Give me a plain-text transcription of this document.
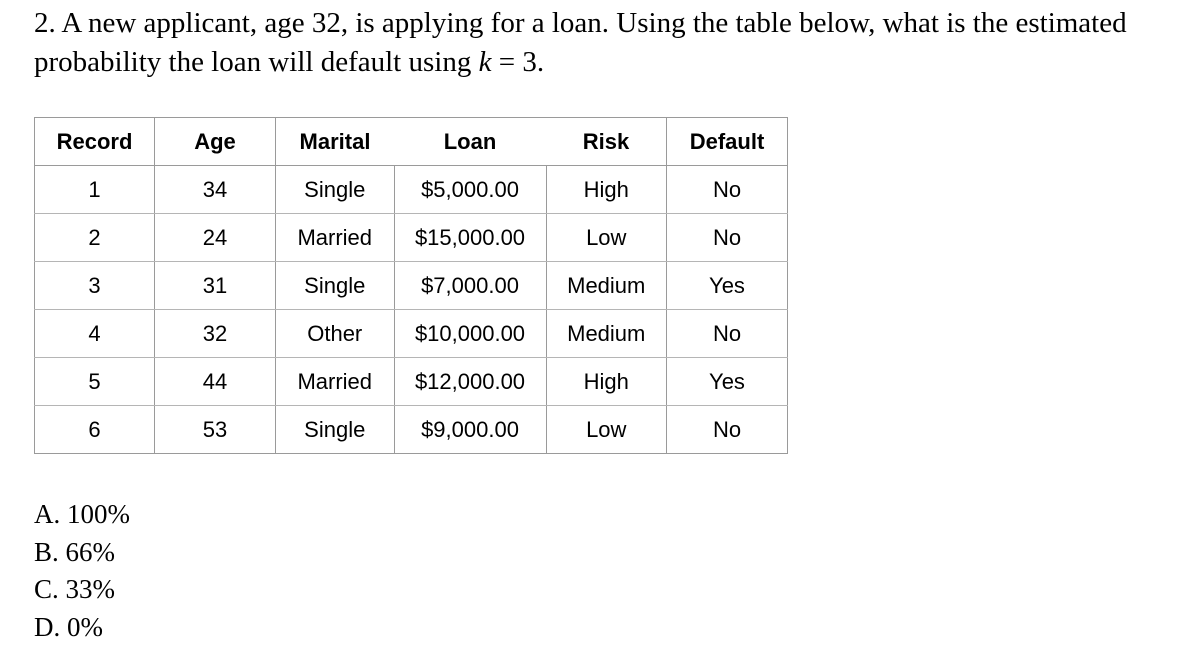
2. A new applicant, age 32, is applying for a loan. Using the table below, what is the estimated
probability the loan will default using k = 3.
Record	Age	Marital	Loan	Risk	Default
1	34	Single	$5,000.00	High	No
2	24	Married	$15,000.00	Low	No
3	31	Single	$7,000.00	Medium	Yes
4	32	Other	$10,000.00	Medium	No
5	44	Married	$12,000.00	High	Yes
6	53	Single	$9,000.00	Low	No
A. 100%
B. 66%
C. 33%
D. 0%
